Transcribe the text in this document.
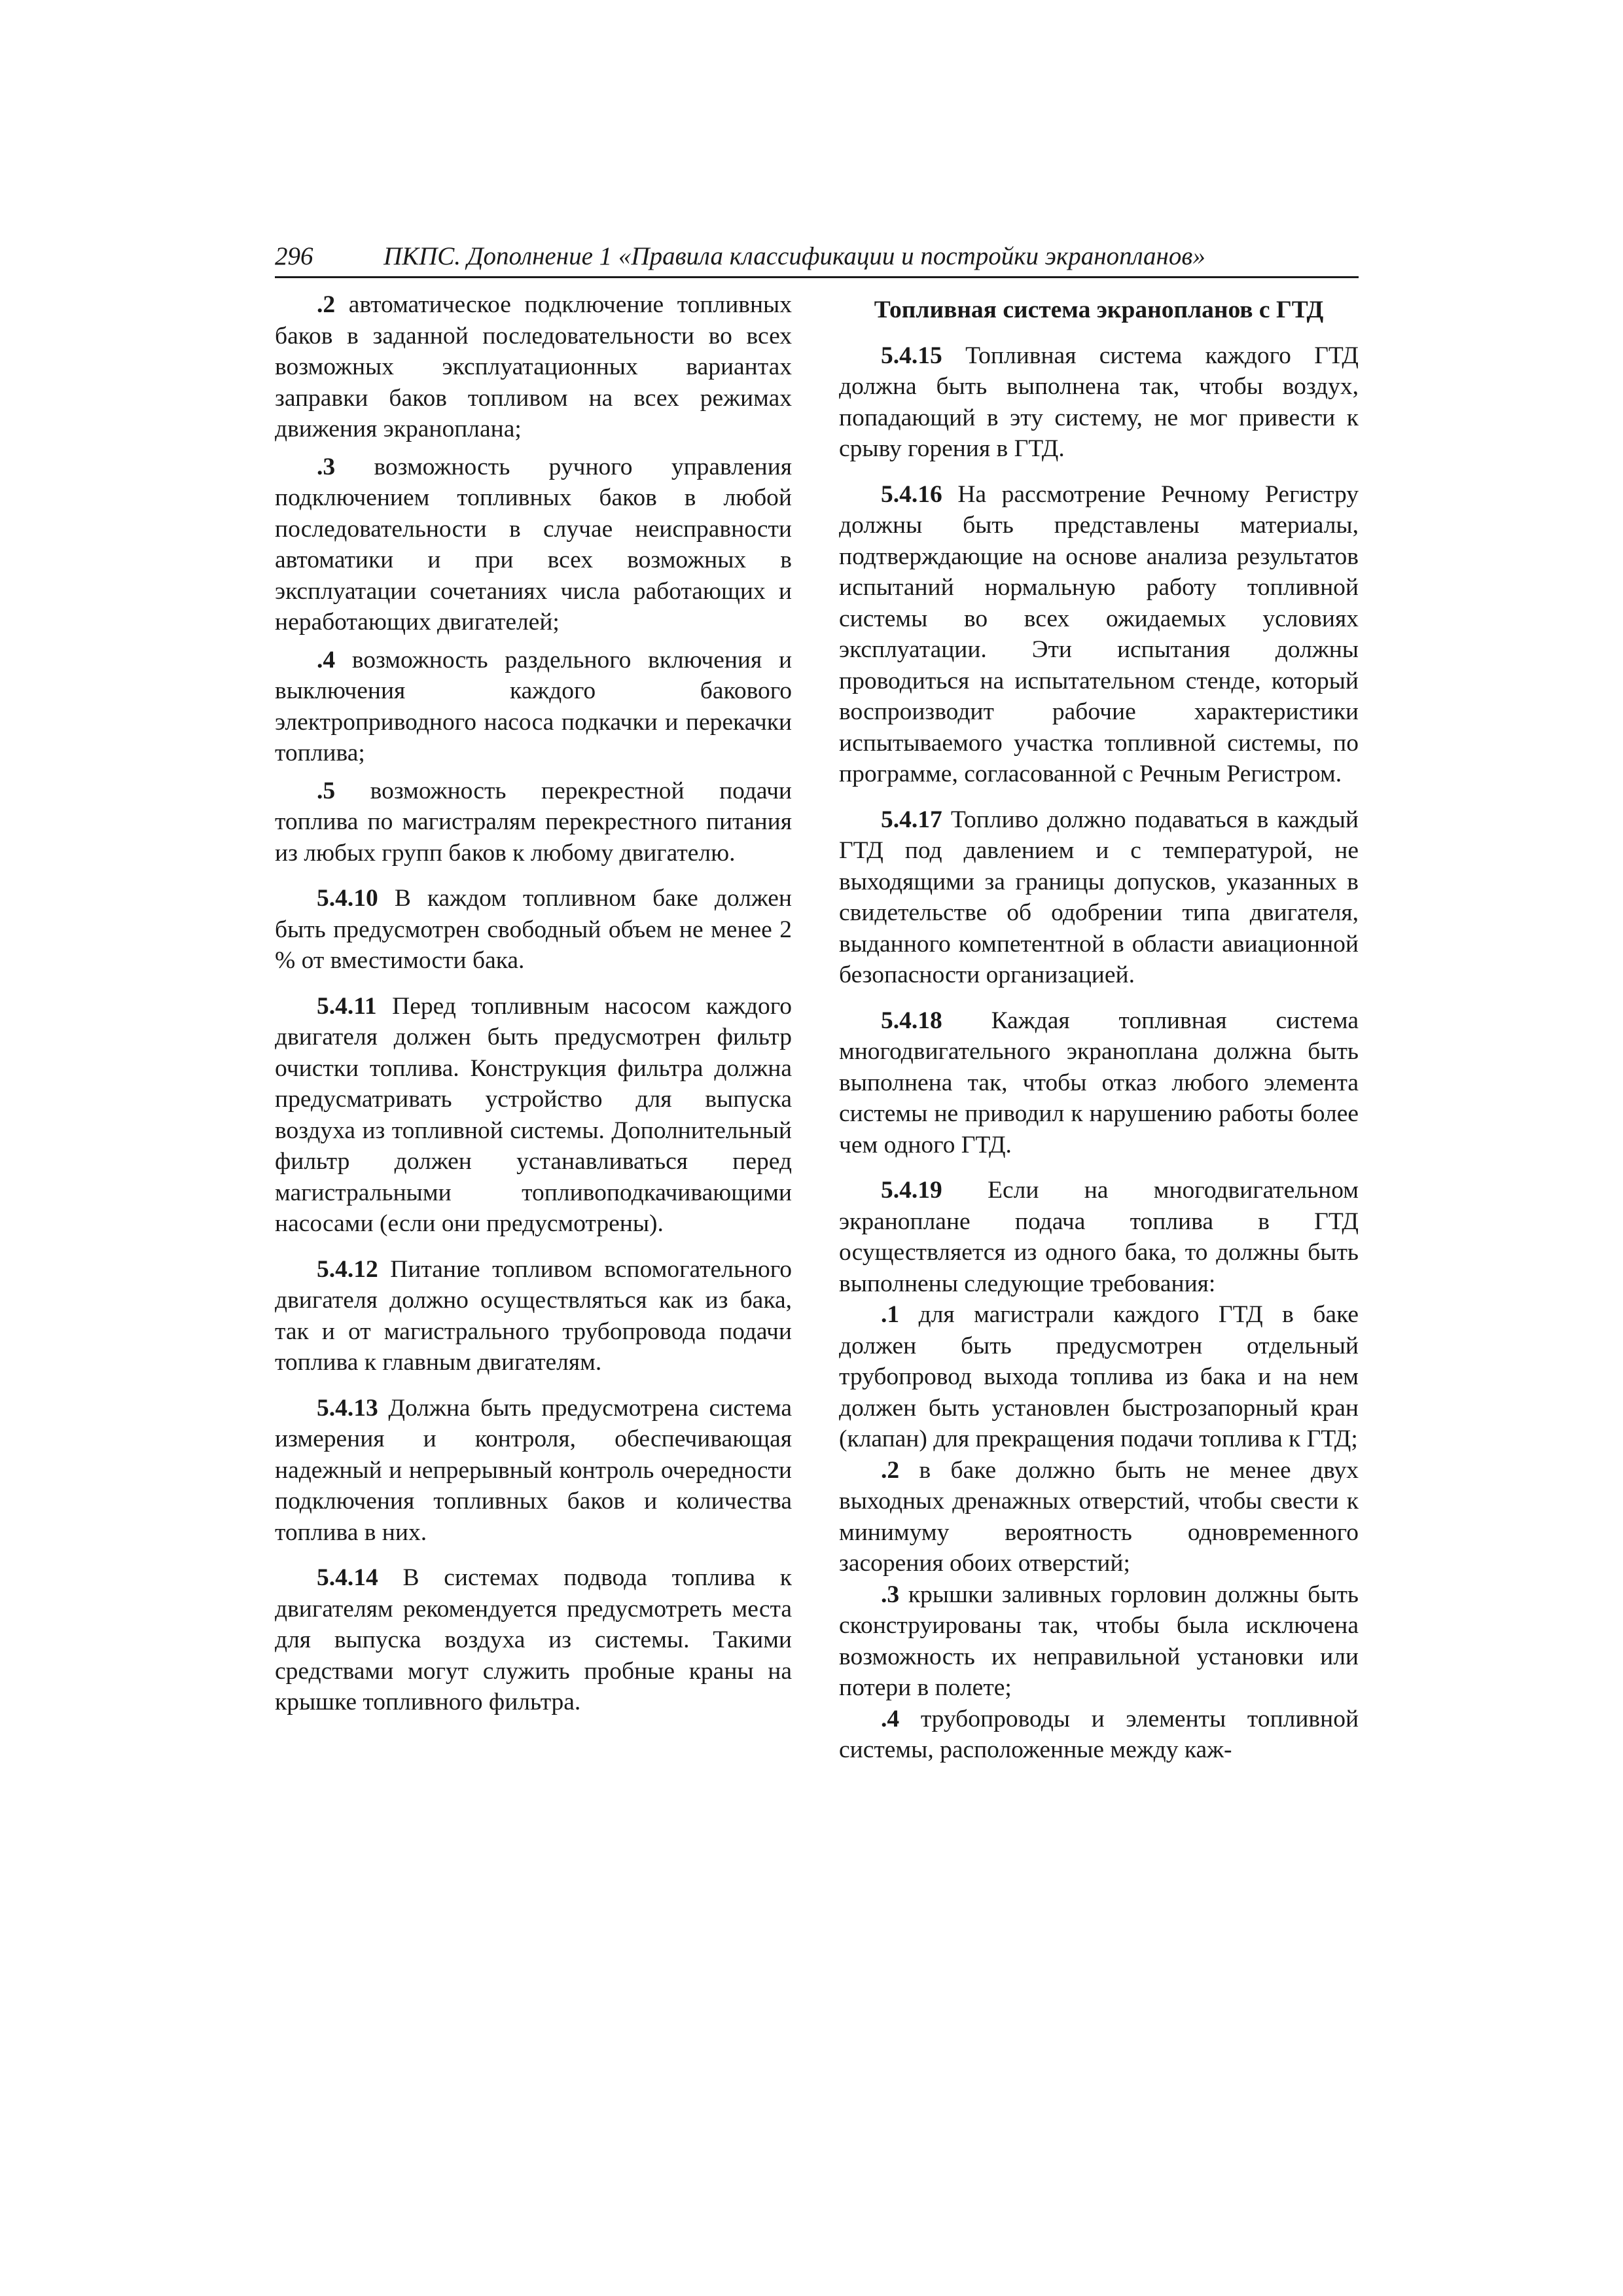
296	ПКПС. Дополнение 1 «Правила классификации и постройки экранопланов»

.2 автоматическое подключение топливных баков в заданной последовательности во всех возможных эксплуатационных вариантах заправки баков топливом на всех режимах движения экраноплана;

.3 возможность ручного управления подключением топливных баков в любой последовательности в случае неисправности автоматики и при всех возможных в эксплуатации сочетаниях числа работающих и неработающих двигателей;

.4 возможность раздельного включения и выключения каждого бакового электроприводного насоса подкачки и перекачки топлива;

.5 возможность перекрестной подачи топлива по магистралям перекрестного питания из любых групп баков к любому двигателю.

5.4.10 В каждом топливном баке должен быть предусмотрен свободный объем не менее 2 % от вместимости бака.

5.4.11 Перед топливным насосом каждого двигателя должен быть предусмотрен фильтр очистки топлива. Конструкция фильтра должна предусматривать устройство для выпуска воздуха из топливной системы. Дополнительный фильтр должен устанавливаться перед магистральными топливоподкачивающими насосами (если они предусмотрены).

5.4.12 Питание топливом вспомогательного двигателя должно осуществляться как из бака, так и от магистрального трубопровода подачи топлива к главным двигателям.

5.4.13 Должна быть предусмотрена система измерения и контроля, обеспечивающая надежный и непрерывный контроль очередности подключения топливных баков и количества топлива в них.

5.4.14 В системах подвода топлива к двигателям рекомендуется предусмотреть места для выпуска воздуха из системы. Такими средствами могут служить пробные краны на крышке топливного фильтра.

Топливная система экранопланов с ГТД

5.4.15 Топливная система каждого ГТД должна быть выполнена так, чтобы воздух, попадающий в эту систему, не мог привести к срыву горения в ГТД.

5.4.16 На рассмотрение Речному Регистру должны быть представлены материалы, подтверждающие на основе анализа результатов испытаний нормальную работу топливной системы во всех ожидаемых условиях эксплуатации. Эти испытания должны проводиться на испытательном стенде, который воспроизводит рабочие характеристики испытываемого участка топливной системы, по программе, согласованной с Речным Регистром.

5.4.17 Топливо должно подаваться в каждый ГТД под давлением и с температурой, не выходящими за границы допусков, указанных в свидетельстве об одобрении типа двигателя, выданного компетентной в области авиационной безопасности организацией.

5.4.18 Каждая топливная система многодвигательного экраноплана должна быть выполнена так, чтобы отказ любого элемента системы не приводил к нарушению работы более чем одного ГТД.

5.4.19 Если на многодвигательном экраноплане подача топлива в ГТД осуществляется из одного бака, то должны быть выполнены следующие требования:

.1 для магистрали каждого ГТД в баке должен быть предусмотрен отдельный трубопровод выхода топлива из бака и на нем должен быть установлен быстрозапорный кран (клапан) для прекращения подачи топлива к ГТД;

.2 в баке должно быть не менее двух выходных дренажных отверстий, чтобы свести к минимуму вероятность одновременного засорения обоих отверстий;

.3 крышки заливных горловин должны быть сконструированы так, чтобы была исключена возможность их неправильной установки или потери в полете;

.4 трубопроводы и элементы топливной системы, расположенные между каж-
